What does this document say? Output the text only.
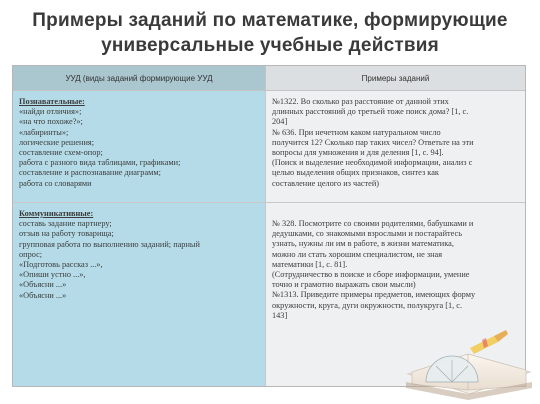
Примеры заданий по математике, формирующие
универсальные учебные действия
УУД (виды заданий формирующие УУД	Примеры заданий
Познавательные:
«найди отличия»;
«на что похоже?»;
«лабиринты»;
логические решения;
составление схем-опор;
работа с разного вида таблицами, графиками;
составление и распознавание диаграмм;
работа со словарями
№1322. Во сколько раз расстояние от данной этих
длинных расстояний до третьей тоже поиск дома? [1, с.
204]
№ 636. При нечетном каком натуральном число
получится 12? Сколько пар таких чисел? Ответьте на эти
вопросы для умножения и для деления [1, с. 94].
(Поиск и выделение необходимой информации, анализ с
целью выделения общих признаков, синтез как
составление целого из частей)
Коммуникативные:
составь задание партнеру;
отзыв на работу товарища;
групповая работа по выполнению заданий; парный
опрос;
«Подготовь рассказ ...»,
«Опиши устно ...»,
«Объясни ...»
«Объясни ...»
№ 328. Посмотрите со своими родителями, бабушками и
дедушками, со знакомыми взрослыми и постарайтесь
узнать, нужны ли им в работе, в жизни математика,
можно ли стать хорошим специалистом, не зная
математики [1, с. 81].
(Сотрудничество в поиске и сборе информации, умение
точно и грамотно выражать свои мысли)
№1313. Приведите примеры предметов, имеющих форму
окружности, круга, дуги окружности, полукруга [1, с.
143]
